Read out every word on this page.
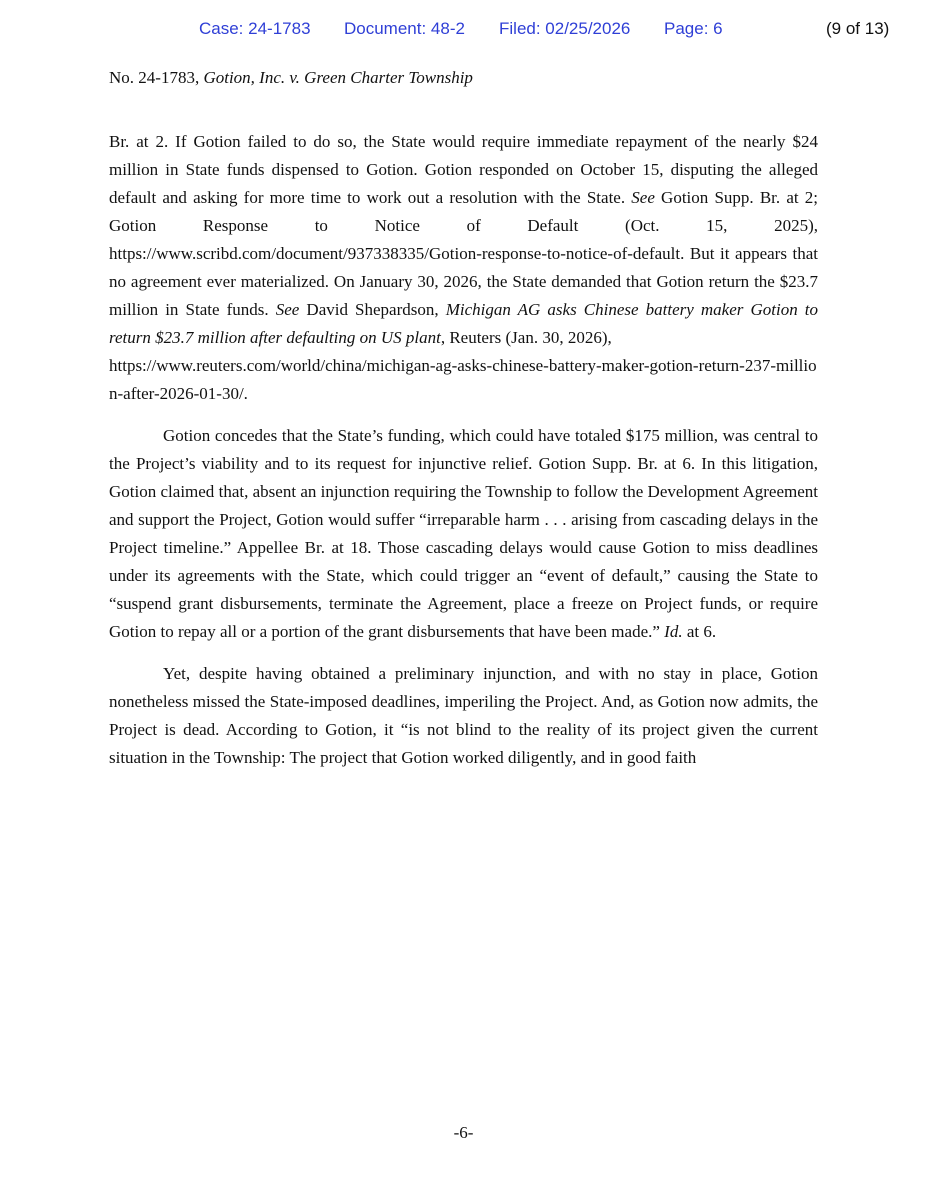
Case: 24-1783 Document: 48-2 Filed: 02/25/2026 Page: 6	(9 of 13)
No. 24-1783, Gotion, Inc. v. Green Charter Township

Br. at 2. If Gotion failed to do so, the State would require immediate repayment of the nearly $24 million in State funds dispensed to Gotion. Gotion responded on October 15, disputing the alleged default and asking for more time to work out a resolution with the State. See Gotion Supp. Br. at 2; Gotion Response to Notice of Default (Oct. 15, 2025), https://www.scribd.com/document/937338335/Gotion-response-to-notice-of-default. But it appears that no agreement ever materialized. On January 30, 2026, the State demanded that Gotion return the $23.7 million in State funds. See David Shepardson, Michigan AG asks Chinese battery maker Gotion to return $23.7 million after defaulting on US plant, Reuters (Jan. 30, 2026),
https://www.reuters.com/world/china/michigan-ag-asks-chinese-battery-maker-gotion-return-237-million-after-2026-01-30/.

Gotion concedes that the State’s funding, which could have totaled $175 million, was central to the Project’s viability and to its request for injunctive relief. Gotion Supp. Br. at 6. In this litigation, Gotion claimed that, absent an injunction requiring the Township to follow the Development Agreement and support the Project, Gotion would suffer “irreparable harm . . . arising from cascading delays in the Project timeline.” Appellee Br. at 18. Those cascading delays would cause Gotion to miss deadlines under its agreements with the State, which could trigger an “event of default,” causing the State to “suspend grant disbursements, terminate the Agreement, place a freeze on Project funds, or require Gotion to repay all or a portion of the grant disbursements that have been made.” Id. at 6.

Yet, despite having obtained a preliminary injunction, and with no stay in place, Gotion nonetheless missed the State-imposed deadlines, imperiling the Project. And, as Gotion now admits, the Project is dead. According to Gotion, it “is not blind to the reality of its project given the current situation in the Township: The project that Gotion worked diligently, and in good faith

-6-
